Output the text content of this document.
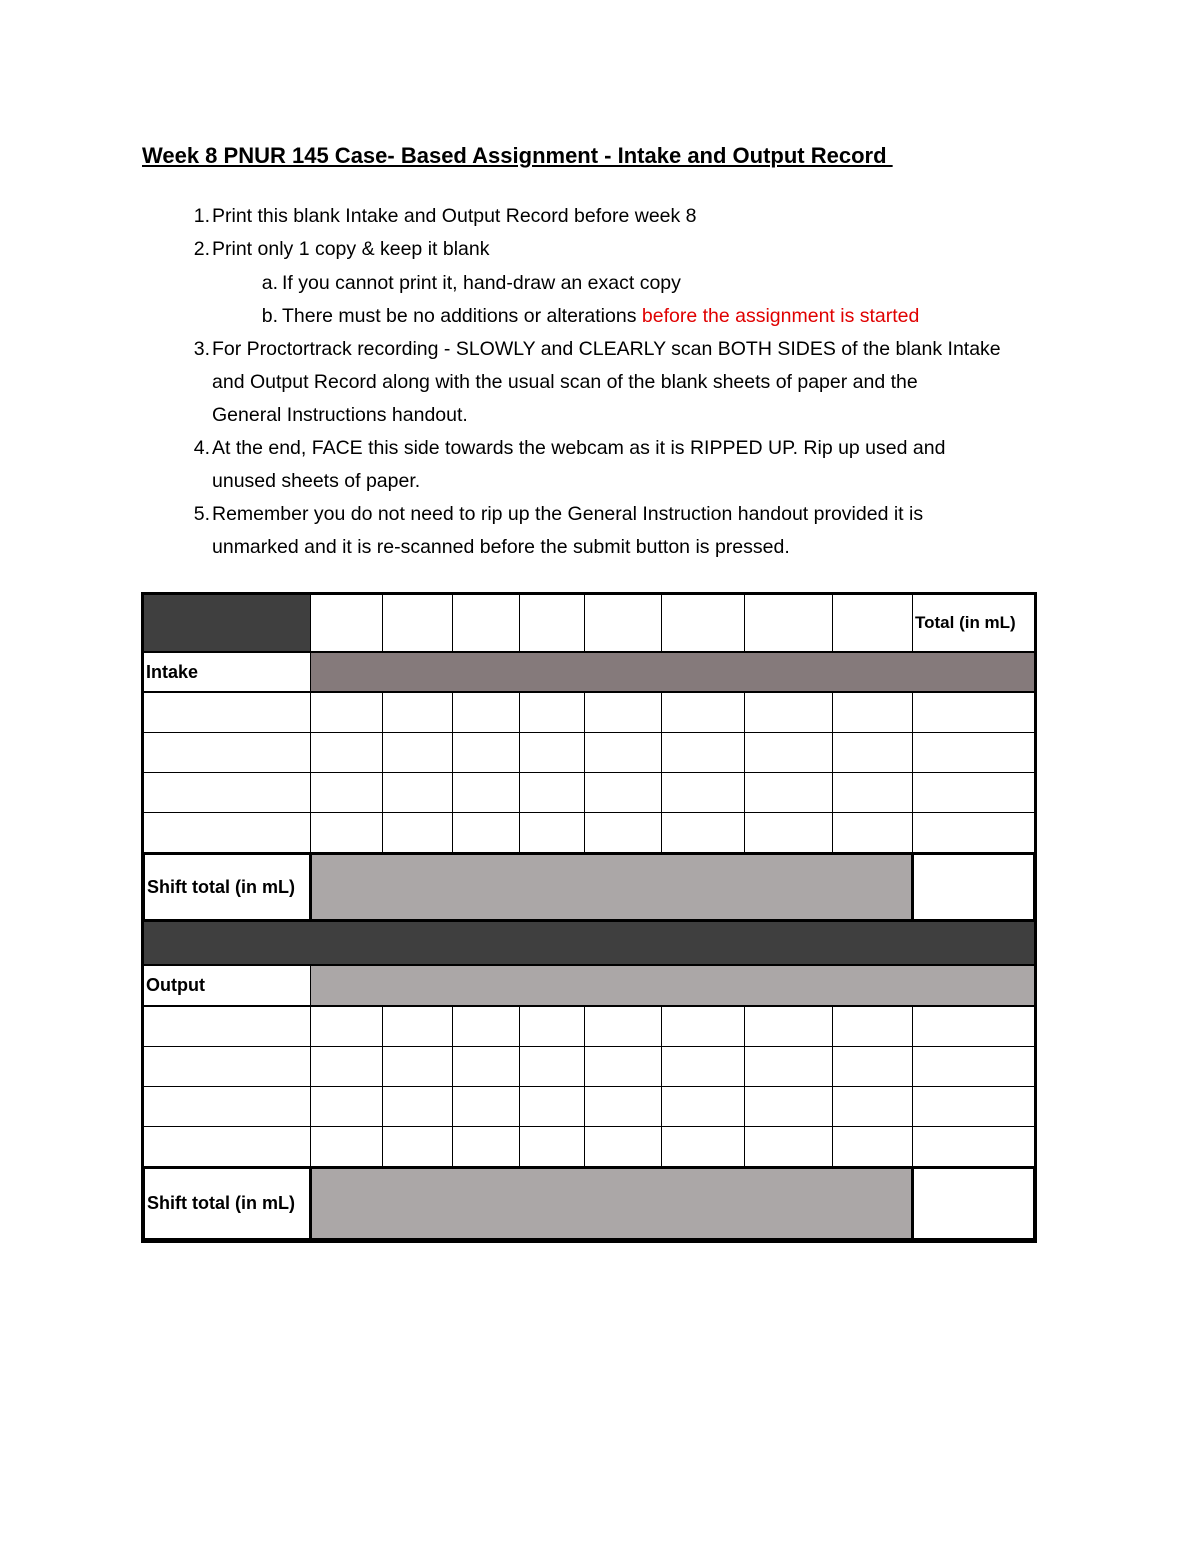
Week 8 PNUR 145 Case- Based Assignment - Intake and Output Record
1. Print this blank Intake and Output Record before week 8
2. Print only 1 copy & keep it blank
a. If you cannot print it, hand-draw an exact copy
b. There must be no additions or alterations before the assignment is started
3. For Proctortrack recording - SLOWLY and CLEARLY scan BOTH SIDES of the blank Intake
and Output Record along with the usual scan of the blank sheets of paper and the
General Instructions handout.
4. At the end, FACE this side towards the webcam as it is RIPPED UP. Rip up used and
unused sheets of paper.
5. Remember you do not need to rip up the General Instruction handout provided it is
unmarked and it is re-scanned before the submit button is pressed.
Total (in mL)
Intake
Shift total (in mL)
Output
Shift total (in mL)
